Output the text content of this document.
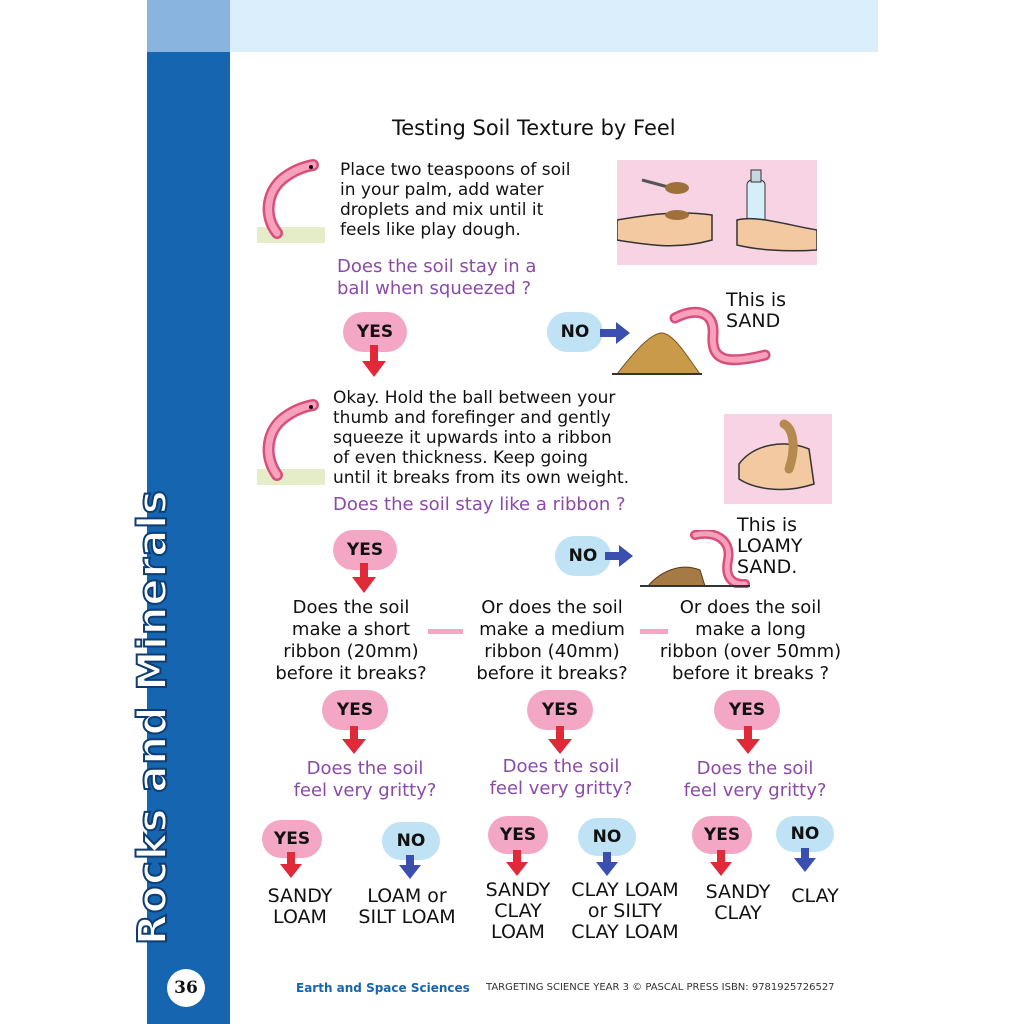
Rocks and Minerals
Testing Soil Texture by Feel
Place two teaspoons of soil
in your palm, add water
droplets and mix until it
feels like play dough.
Does the soil stay in a
ball when squeezed ?
YES	NO
This is
SAND
Okay. Hold the ball between your
thumb and forefinger and gently
squeeze it upwards into a ribbon
of even thickness. Keep going
until it breaks from its own weight.
Does the soil stay like a ribbon ?
YES	NO
This is
LOAMY
SAND.
Does the soil
make a short
ribbon (20mm)
before it breaks?
Or does the soil
make a medium
ribbon (40mm)
before it breaks?
Or does the soil
make a long
ribbon (over 50mm)
before it breaks ?
YES	YES	YES
Does the soil
feel very gritty?
Does the soil
feel very gritty?
Does the soil
feel very gritty?
YES	NO	YES	NO	YES	NO
SANDY
LOAM
LOAM or
SILT LOAM
SANDY
CLAY
LOAM
CLAY LOAM
or SILTY
CLAY LOAM
SANDY
CLAY
CLAY
36	Earth and Space Sciences TARGETING SCIENCE YEAR 3 © PASCAL PRESS ISBN: 9781925726527
